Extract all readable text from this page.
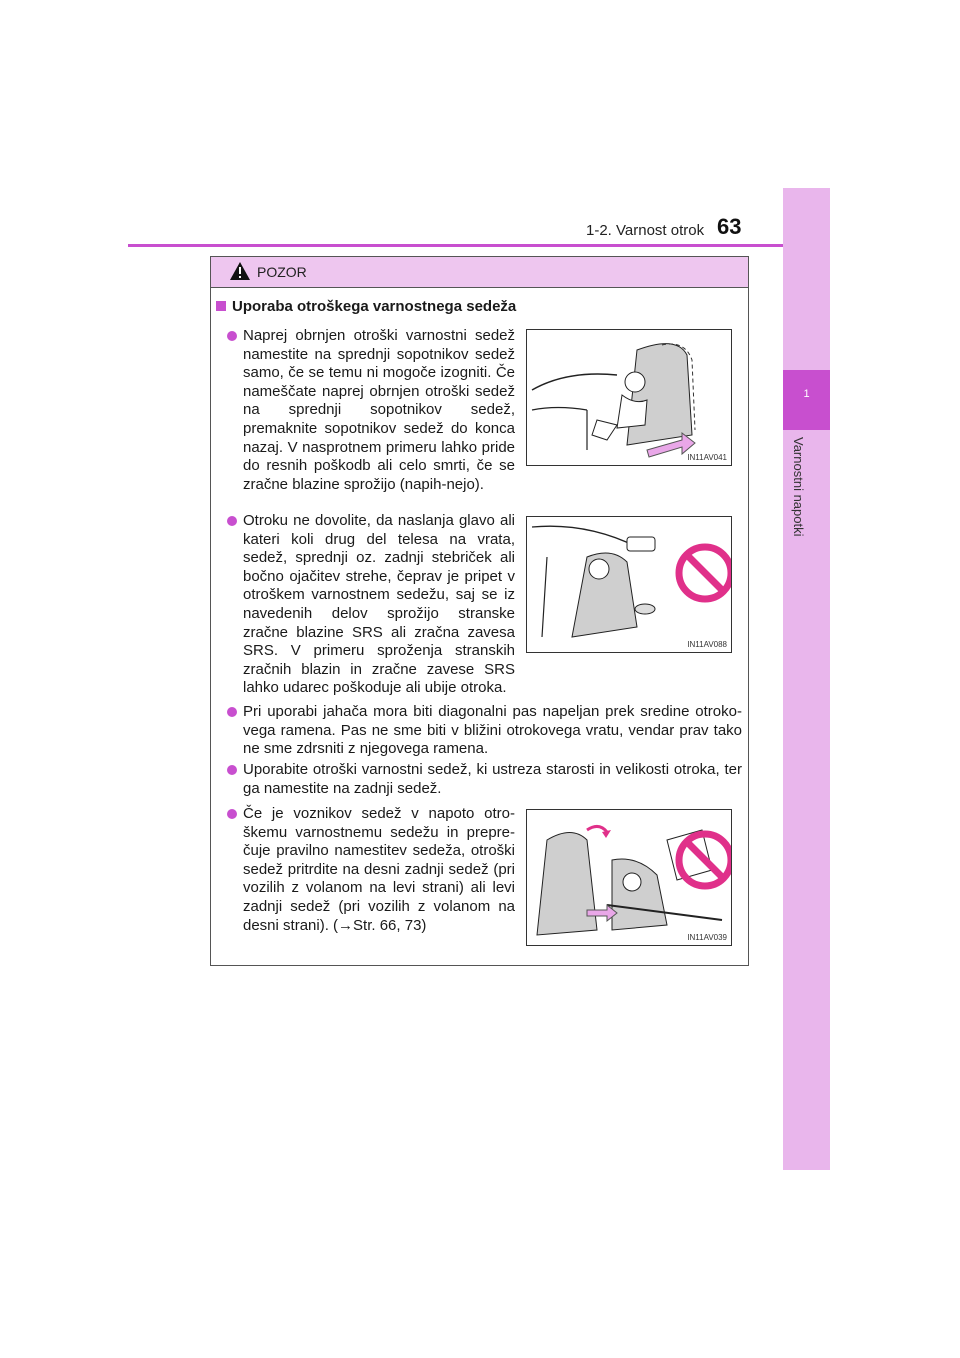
1
Varnostni napotki
1-2. Varnost otrok 63
POZOR
Uporaba otroškega varnostnega sedeža
Naprej obrnjen otroški varnostni sedež namestite na sprednji sopotnikov sedež samo, če se temu ni mogoče izogniti. Če nameščate naprej obrnjen otroški sedež na sprednji sopotnikov sedež, premaknite sopotnikov sedež do konca nazaj. V nasprotnem primeru lahko pride do resnih poškodb ali celo smrti, če se zračne blazine sprožijo (napih-nejo).
IN11AV041
Otroku ne dovolite, da naslanja glavo ali kateri koli drug del telesa na vrata, sedež, sprednji oz. zadnji stebriček ali bočno ojačitev strehe, čeprav je pripet v otroškem varnostnem sedežu, saj se iz navedenih delov sprožijo stranske zračne blazine SRS ali zračna zavesa SRS. V primeru sproženja stranskih zračnih blazin in zračne zavese SRS lahko udarec poškoduje ali ubije otroka.
IN11AV088
Pri uporabi jahača mora biti diagonalni pas napeljan prek sredine otroko-vega ramena. Pas ne sme biti v bližini otrokovega vratu, vendar prav tako ne sme zdrsniti z njegovega ramena.
Uporabite otroški varnostni sedež, ki ustreza starosti in velikosti otroka, ter ga namestite na zadnji sedež.
Če je voznikov sedež v napoto otro-škemu varnostnemu sedežu in prepre-čuje pravilno namestitev sedeža, otroški sedež pritrdite na desni zadnji sedež (pri vozilih z volanom na levi strani) ali levi zadnji sedež (pri vozilih z volanom na desni strani). (→Str. 66, 73)
IN11AV039
